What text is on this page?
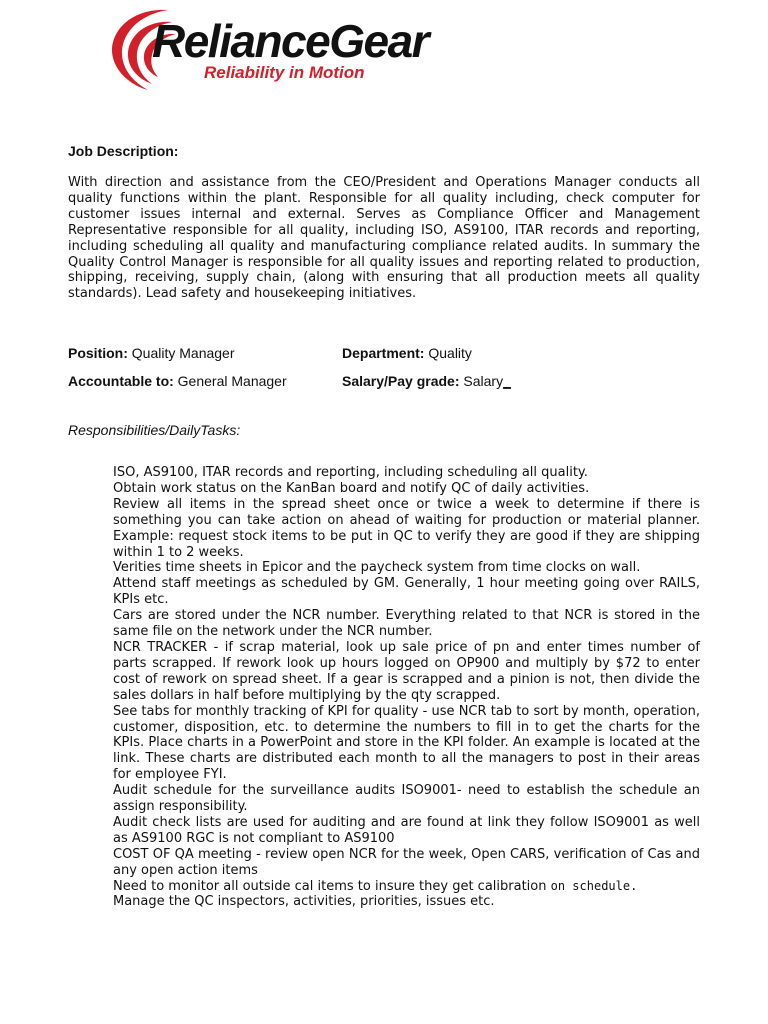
RelianceGear
Reliability in Motion
Job Description:

With direction and assistance from the CEO/President and Operations Manager conducts all quality functions within the plant. Responsible for all quality including, check computer for customer issues internal and external. Serves as Compliance Officer and Management Representative responsible for all quality, including ISO, AS9100, ITAR records and reporting, including scheduling all quality and manufacturing compliance related audits. In summary the Quality Control Manager is responsible for all quality issues and reporting related to production, shipping, receiving, supply chain, (along with ensuring that all production meets all quality standards). Lead safety and housekeeping initiatives.

Position: Quality Manager	Department: Quality
Accountable to: General Manager	Salary/Pay grade: Salary_
Responsibilities/DailyTasks:
ISO, AS9100, ITAR records and reporting, including scheduling all quality.
Obtain work status on the KanBan board and notify QC of daily activities.
Review all items in the spread sheet once or twice a week to determine if there is something you can take action on ahead of waiting for production or material planner. Example: request stock items to be put in QC to verify they are good if they are shipping within 1 to 2 weeks.
Verities time sheets in Epicor and the paycheck system from time clocks on wall.
Attend staff meetings as scheduled by GM. Generally, 1 hour meeting going over RAILS, KPIs etc.
Cars are stored under the NCR number. Everything related to that NCR is stored in the same file on the network under the NCR number.
NCR TRACKER - if scrap material, look up sale price of pn and enter times number of parts scrapped. If rework look up hours logged on OP900 and multiply by $72 to enter cost of rework on spread sheet. If a gear is scrapped and a pinion is not, then divide the sales dollars in half before multiplying by the qty scrapped.
See tabs for monthly tracking of KPI for quality - use NCR tab to sort by month, operation, customer, disposition, etc. to determine the numbers to fill in to get the charts for the KPIs. Place charts in a PowerPoint and store in the KPI folder. An example is located at the link. These charts are distributed each month to all the managers to post in their areas for employee FYI.
Audit schedule for the surveillance audits ISO9001- need to establish the schedule an assign responsibility.
Audit check lists are used for auditing and are found at link they follow ISO9001 as well as AS9100 RGC is not compliant to AS9100
COST OF QA meeting - review open NCR for the week, Open CARS, verification of Cas and any open action items
Need to monitor all outside cal items to insure they get calibration on schedule.
Manage the QC inspectors, activities, priorities, issues etc.
